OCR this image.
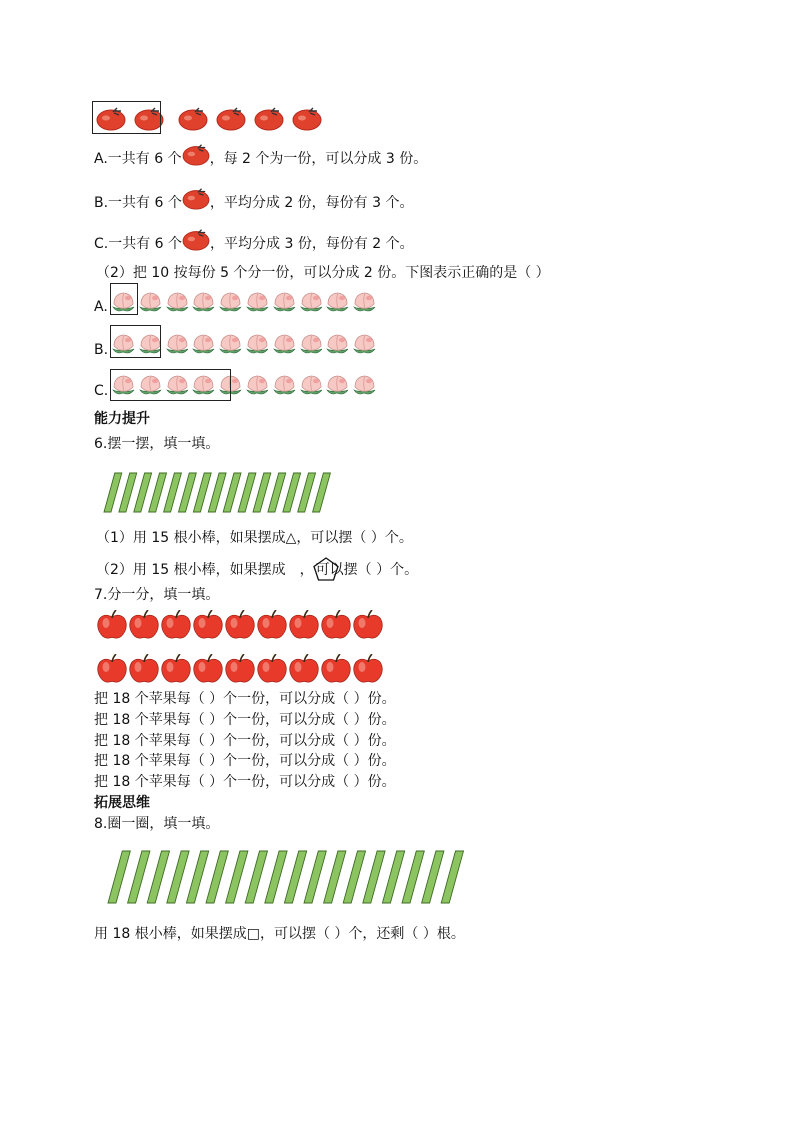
A.一共有 6 个 ，每 2 个为一份，可以分成 3 份。
B.一共有 6 个 ，平均分成 2 份，每份有 3 个。
C.一共有 6 个 ，平均分成 3 份，每份有 2 个。
（2）把 10 按每份 5 个分一份，可以分成 2 份。下图表示正确的是（ ）
A.
B.
C.
能力提升
6.摆一摆，填一填。
（1）用 15 根小棒，如果摆成△，可以摆（ ）个。
（2）用 15 根小棒，如果摆成 ， 可以摆（ ）个。
7.分一分，填一填。
把 18 个苹果每（ ）个一份，可以分成（ ）份。
把 18 个苹果每（ ）个一份，可以分成（ ）份。
把 18 个苹果每（ ）个一份，可以分成（ ）份。
把 18 个苹果每（ ）个一份，可以分成（ ）份。
把 18 个苹果每（ ）个一份，可以分成（ ）份。
拓展思维
8.圈一圈，填一填。
用 18 根小棒，如果摆成□，可以摆（ ）个，还剩（ ）根。
